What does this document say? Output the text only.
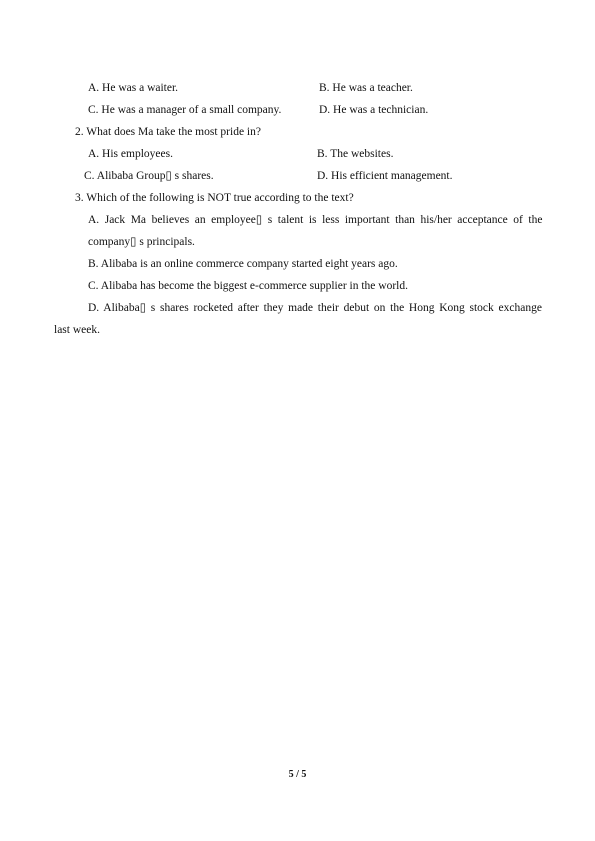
A. He was a waiter.	B. He was a teacher.
C. He was a manager of a small company.	D. He was a technician.
2. What does Ma take the most pride in?
A. His employees.	B. The websites.
C. Alibaba Group▯ s shares.	D. His efficient management.
3. Which of the following is NOT true according to the text?
A. Jack Ma believes an employee▯ s talent is less important than his/her acceptance of the
company▯ s principals.
B. Alibaba is an online commerce company started eight years ago.
C. Alibaba has become the biggest e-commerce supplier in the world.
D. Alibaba▯ s shares rocketed after they made their debut on the Hong Kong stock exchange
last week.
5 / 5
